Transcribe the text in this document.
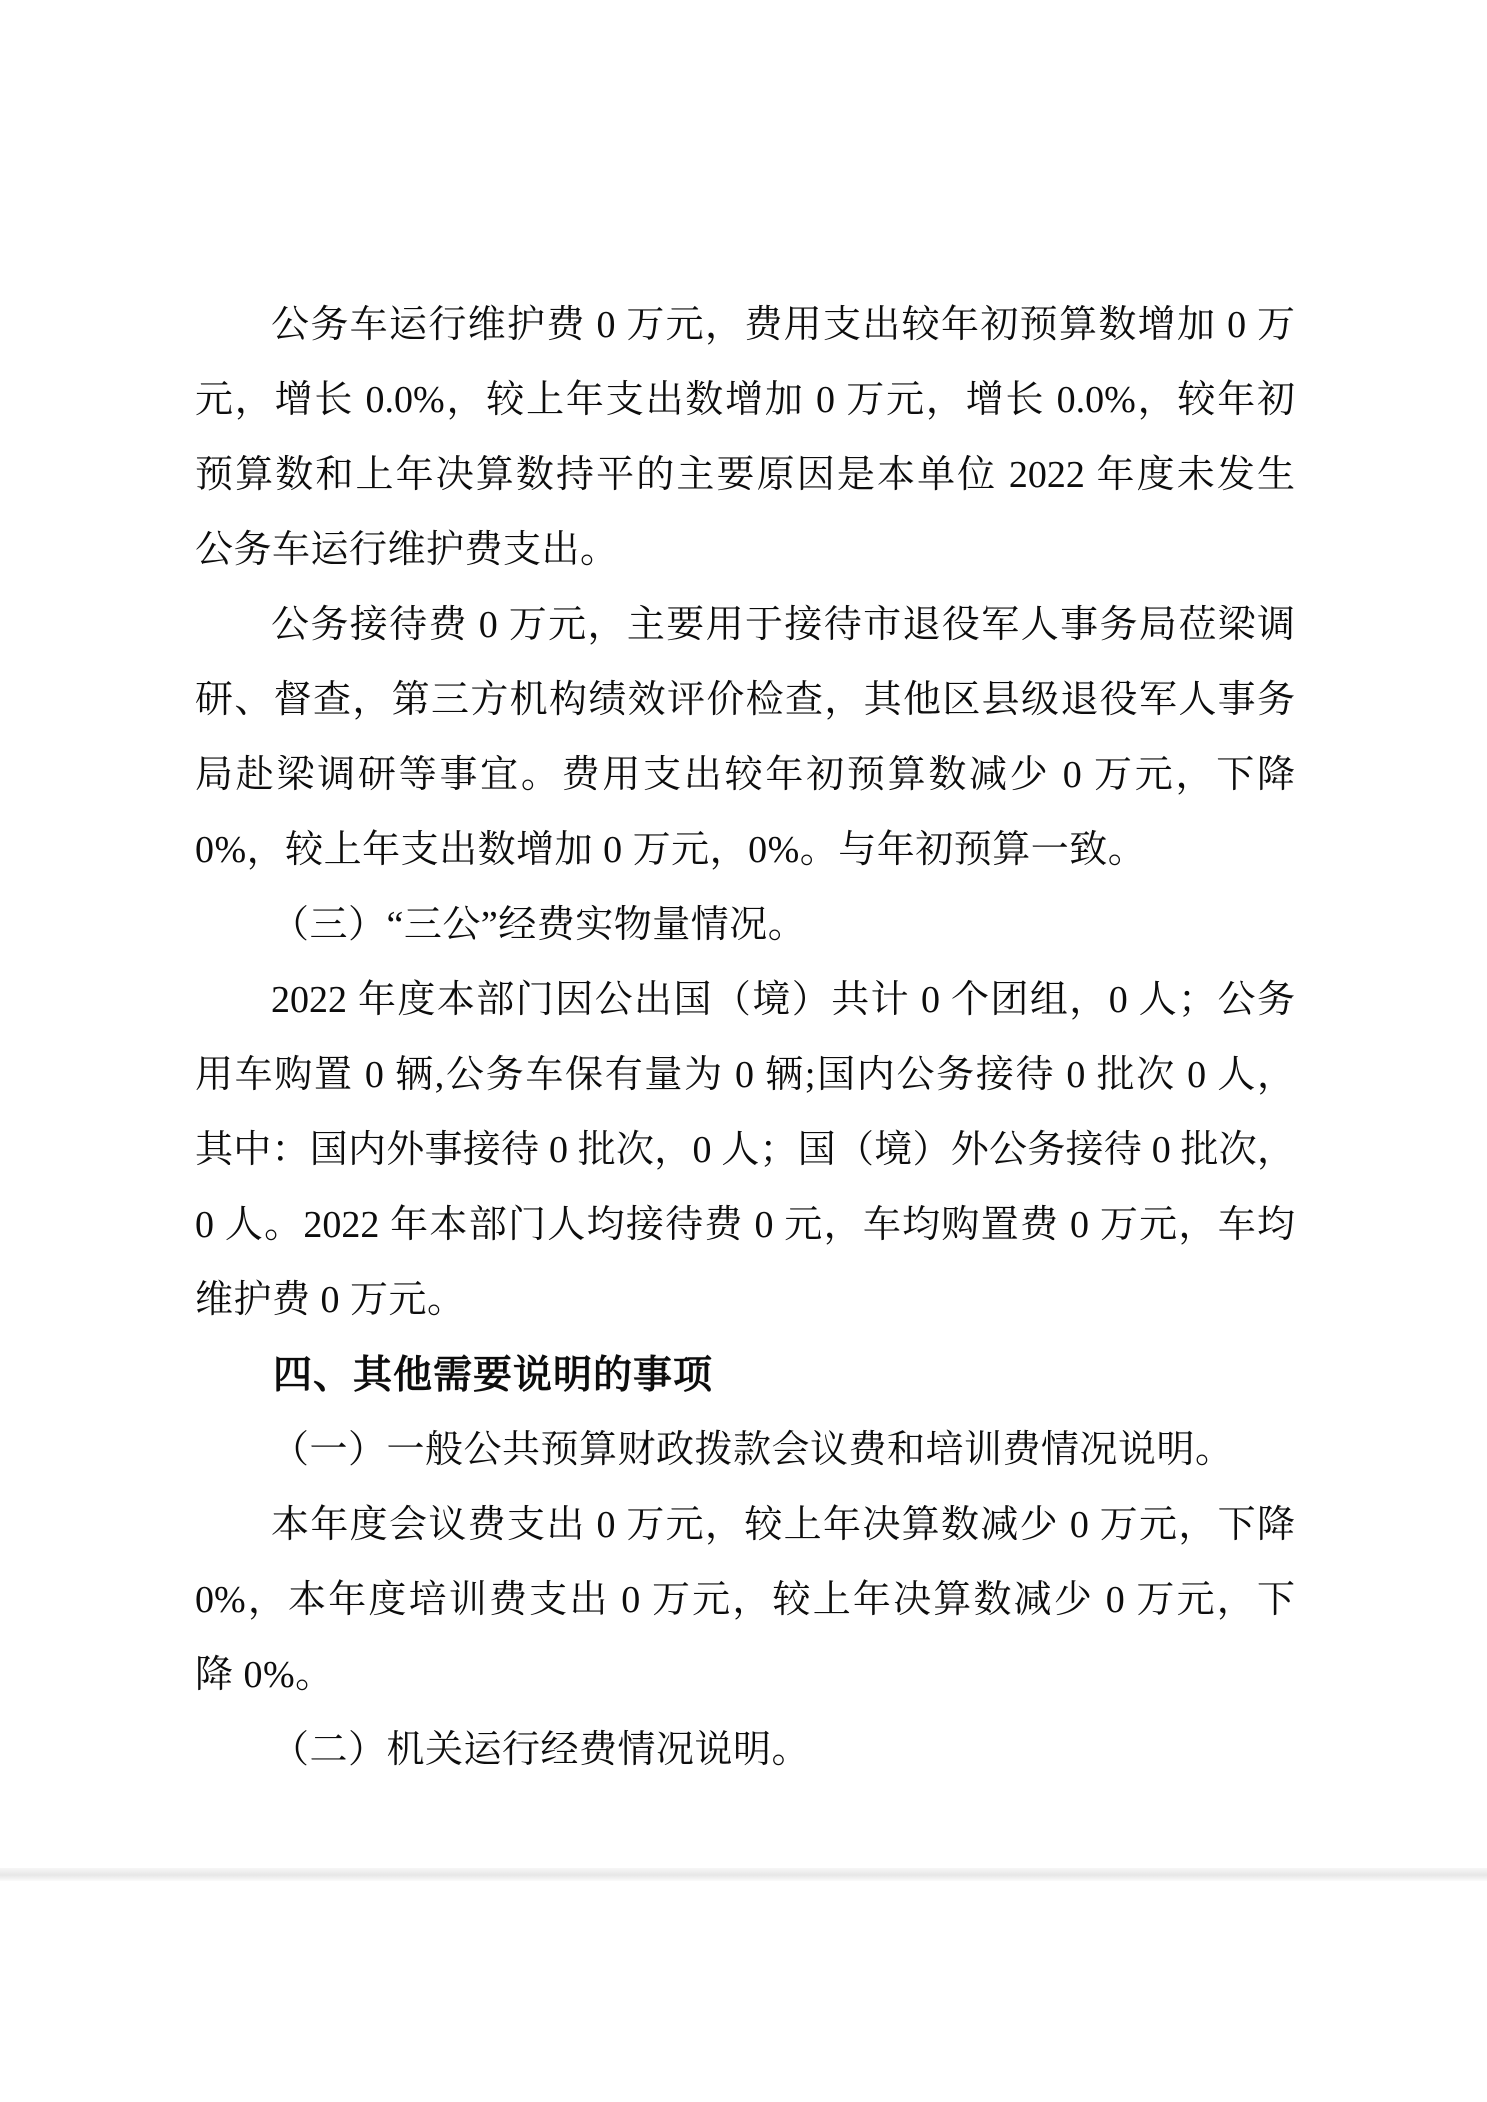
公务车运行维护费 0 万元，费用支出较年初预算数增加 0 万
元，增长 0.0%，较上年支出数增加 0 万元，增长 0.0%，较年初
预算数和上年决算数持平的主要原因是本单位 2022 年度未发生
公务车运行维护费支出。
公务接待费 0 万元，主要用于接待市退役军人事务局莅梁调
研、督查，第三方机构绩效评价检查，其他区县级退役军人事务
局赴梁调研等事宜。费用支出较年初预算数减少 0 万元，下降
0%，较上年支出数增加 0 万元，0%。与年初预算一致。
（三）“三公”经费实物量情况。
2022 年度本部门因公出国（境）共计 0 个团组，0 人；公务
用车购置 0 辆,公务车保有量为 0 辆;国内公务接待 0 批次 0 人，
其中：国内外事接待 0 批次，0 人；国（境）外公务接待 0 批次，
0 人。2022 年本部门人均接待费 0 元，车均购置费 0 万元，车均
维护费 0 万元。
四、其他需要说明的事项
（一）一般公共预算财政拨款会议费和培训费情况说明。
本年度会议费支出 0 万元，较上年决算数减少 0 万元，下降
0%，本年度培训费支出 0 万元，较上年决算数减少 0 万元，下
降 0%。
（二）机关运行经费情况说明。
